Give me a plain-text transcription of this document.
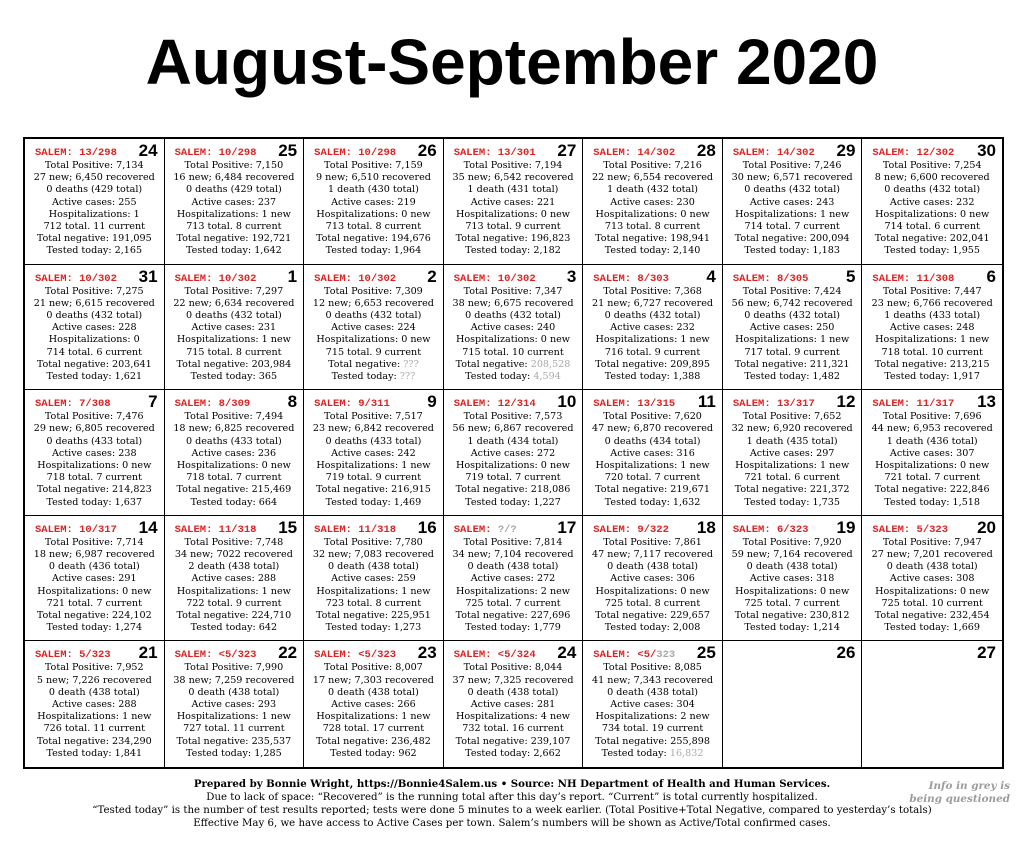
August-September 2020
24
SALEM: 13/298
Total Positive: 7,134
27 new; 6,450 recovered
0 deaths (429 total)
Active cases: 255
Hospitalizations: 1
712 total. 11 current
Total negative: 191,095
Tested today: 2,165
25
SALEM: 10/298
Total Positive: 7,150
16 new; 6,484 recovered
0 deaths (429 total)
Active cases: 237
Hospitalizations: 1 new
713 total. 8 current
Total negative: 192,721
Tested today: 1,642
26
SALEM: 10/298
Total Positive: 7,159
9 new; 6,510 recovered
1 death (430 total)
Active cases: 219
Hospitalizations: 0 new
713 total. 8 current
Total negative: 194,676
Tested today: 1,964
27
SALEM: 13/301
Total Positive: 7,194
35 new; 6,542 recovered
1 death (431 total)
Active cases: 221
Hospitalizations: 0 new
713 total. 9 current
Total negative: 196,823
Tested today: 2,182
28
SALEM: 14/302
Total Positive: 7,216
22 new; 6,554 recovered
1 death (432 total)
Active cases: 230
Hospitalizations: 0 new
713 total. 8 current
Total negative: 198,941
Tested today: 2,140
29
SALEM: 14/302
Total Positive: 7,246
30 new; 6,571 recovered
0 deaths (432 total)
Active cases: 243
Hospitalizations: 1 new
714 total. 7 current
Total negative: 200,094
Tested today: 1,183
30
SALEM: 12/302
Total Positive: 7,254
8 new; 6,600 recovered
0 deaths (432 total)
Active cases: 232
Hospitalizations: 0 new
714 total. 6 current
Total negative: 202,041
Tested today: 1,955
31
SALEM: 10/302
Total Positive: 7,275
21 new; 6,615 recovered
0 deaths (432 total)
Active cases: 228
Hospitalizations: 0
714 total. 6 current
Total negative: 203,641
Tested today: 1,621
1
SALEM: 10/302
Total Positive: 7,297
22 new; 6,634 recovered
0 deaths (432 total)
Active cases: 231
Hospitalizations: 1 new
715 total. 8 current
Total negative: 203,984
Tested today: 365
2
SALEM: 10/302
Total Positive: 7,309
12 new; 6,653 recovered
0 deaths (432 total)
Active cases: 224
Hospitalizations: 0 new
715 total. 9 current
Total negative: ???
Tested today: ???
3
SALEM: 10/302
Total Positive: 7,347
38 new; 6,675 recovered
0 deaths (432 total)
Active cases: 240
Hospitalizations: 0 new
715 total. 10 current
Total negative: 208,528
Tested today: 4,594
4
SALEM: 8/303
Total Positive: 7,368
21 new; 6,727 recovered
0 deaths (432 total)
Active cases: 232
Hospitalizations: 1 new
716 total. 9 current
Total negative: 209,895
Tested today: 1,388
5
SALEM: 8/305
Total Positive: 7,424
56 new; 6,742 recovered
0 deaths (432 total)
Active cases: 250
Hospitalizations: 1 new
717 total. 9 current
Total negative: 211,321
Tested today: 1,482
6
SALEM: 11/308
Total Positive: 7,447
23 new; 6,766 recovered
1 deaths (433 total)
Active cases: 248
Hospitalizations: 1 new
718 total. 10 current
Total negative: 213,215
Tested today: 1,917
7
SALEM: 7/308
Total Positive: 7,476
29 new; 6,805 recovered
0 deaths (433 total)
Active cases: 238
Hospitalizations: 0 new
718 total. 7 current
Total negative: 214,823
Tested today: 1,637
8
SALEM: 8/309
Total Positive: 7,494
18 new; 6,825 recovered
0 deaths (433 total)
Active cases: 236
Hospitalizations: 0 new
718 total. 7 current
Total negative: 215,469
Tested today: 664
9
SALEM: 9/311
Total Positive: 7,517
23 new; 6,842 recovered
0 deaths (433 total)
Active cases: 242
Hospitalizations: 1 new
719 total. 9 current
Total negative: 216,915
Tested today: 1,469
10
SALEM: 12/314
Total Positive: 7,573
56 new; 6,867 recovered
1 death (434 total)
Active cases: 272
Hospitalizations: 0 new
719 total. 7 current
Total negative: 218,086
Tested today: 1,227
11
SALEM: 13/315
Total Positive: 7,620
47 new; 6,870 recovered
0 deaths (434 total)
Active cases: 316
Hospitalizations: 1 new
720 total. 7 current
Total negative: 219,671
Tested today: 1,632
12
SALEM: 13/317
Total Positive: 7,652
32 new; 6,920 recovered
1 death (435 total)
Active cases: 297
Hospitalizations: 1 new
721 total. 6 current
Total negative: 221,372
Tested today: 1,735
13
SALEM: 11/317
Total Positive: 7,696
44 new; 6,953 recovered
1 death (436 total)
Active cases: 307
Hospitalizations: 0 new
721 total. 7 current
Total negative: 222,846
Tested today: 1,518
14
SALEM: 10/317
Total Positive: 7,714
18 new; 6,987 recovered
0 death (436 total)
Active cases: 291
Hospitalizations: 0 new
721 total. 7 current
Total negative: 224,102
Tested today: 1,274
15
SALEM: 11/318
Total Positive: 7,748
34 new; 7022 recovered
2 death (438 total)
Active cases: 288
Hospitalizations: 1 new
722 total. 9 current
Total negative: 224,710
Tested today: 642
16
SALEM: 11/318
Total Positive: 7,780
32 new; 7,083 recovered
0 death (438 total)
Active cases: 259
Hospitalizations: 1 new
723 total. 8 current
Total negative: 225,951
Tested today: 1,273
17
SALEM: ?/?
Total Positive: 7,814
34 new; 7,104 recovered
0 death (438 total)
Active cases: 272
Hospitalizations: 2 new
725 total. 7 current
Total negative: 227,696
Tested today: 1,779
18
SALEM: 9/322
Total Positive: 7,861
47 new; 7,117 recovered
0 death (438 total)
Active cases: 306
Hospitalizations: 0 new
725 total. 8 current
Total negative: 229,657
Tested today: 2,008
19
SALEM: 6/323
Total Positive: 7,920
59 new; 7,164 recovered
0 death (438 total)
Active cases: 318
Hospitalizations: 0 new
725 total. 7 current
Total negative: 230,812
Tested today: 1,214
20
SALEM: 5/323
Total Positive: 7,947
27 new; 7,201 recovered
0 death (438 total)
Active cases: 308
Hospitalizations: 0 new
725 total. 10 current
Total negative: 232,454
Tested today: 1,669
21
SALEM: 5/323
Total Positive: 7,952
5 new; 7,226 recovered
0 death (438 total)
Active cases: 288
Hospitalizations: 1 new
726 total. 11 current
Total negative: 234,290
Tested today: 1,841
22
SALEM: <5/323
Total Positive: 7,990
38 new; 7,259 recovered
0 death (438 total)
Active cases: 293
Hospitalizations: 1 new
727 total. 11 current
Total negative: 235,537
Tested today: 1,285
23
SALEM: <5/323
Total Positive: 8,007
17 new; 7,303 recovered
0 death (438 total)
Active cases: 266
Hospitalizations: 1 new
728 total. 17 current
Total negative: 236,482
Tested today: 962
24
SALEM: <5/324
Total Positive: 8,044
37 new; 7,325 recovered
0 death (438 total)
Active cases: 281
Hospitalizations: 4 new
732 total. 16 current
Total negative: 239,107
Tested today: 2,662
25
SALEM: <5/323
Total Positive: 8,085
41 new; 7,343 recovered
0 death (438 total)
Active cases: 304
Hospitalizations: 2 new
734 total. 19 current
Total negative: 255,898
Tested today: 16,832
26	27
Prepared by Bonnie Wright, https://Bonnie4Salem.us • Source: NH Department of Health and Human Services.
Due to lack of space: “Recovered” is the running total after this day’s report. “Current” is total currently hospitalized.
“Tested today” is the number of test results reported; tests were done 5 minutes to a week earlier. (Total Positive+Total Negative, compared to yesterday’s totals)
Effective May 6, we have access to Active Cases per town. Salem’s numbers will be shown as Active/Total confirmed cases.
Info in grey is
being questioned
